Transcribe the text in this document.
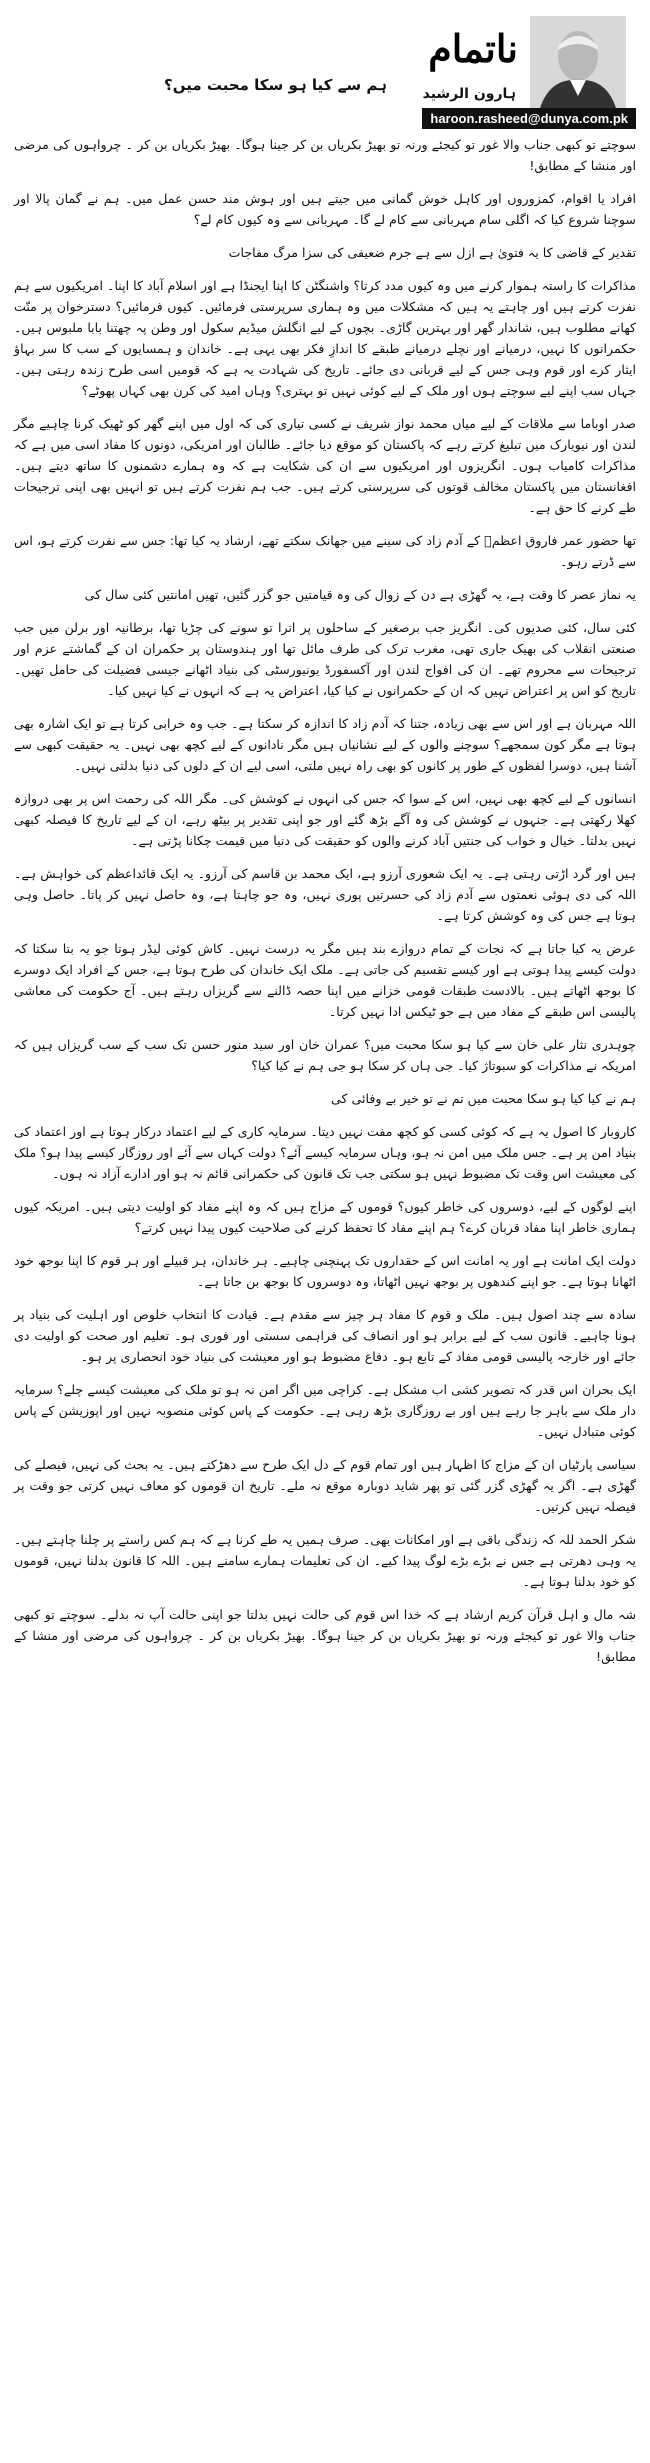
ناتمام
ہارون الرشید
ہم سے کیا ہو سکا محبت میں؟
haroon.rasheed@dunya.com.pk

سوچتے تو کبھی جناب والا غور تو کیجئے ورنہ تو بھیڑ بکریاں بن کر جینا ہوگا۔ بھیڑ بکریاں بن کر ۔ چرواہوں کی مرضی اور منشا کے مطابق!

افراد یا اقوام، کمزوروں اور کاہل خوش گمانی میں جیتے ہیں اور ہوش مند حسن عمل میں۔ ہم نے گمان پالا اور سوچنا شروع کیا کہ اگلی سام مہربانی سے کام لے گا۔ مہربانی سے وہ کیوں کام لے؟

تقدیر کے قاضی کا یہ فتویٰ ہے ازل سے ہے جرم ضعیفی کی سزا مرگ مفاجات

مذاکرات کا راستہ ہموار کرنے میں وہ کیوں مدد کرتا؟ واشنگٹن کا اپنا ایجنڈا ہے اور اسلام آباد کا اپنا۔ امریکیوں سے ہم نفرت کرتے ہیں اور چاہتے یہ ہیں کہ مشکلات میں وہ ہماری سرپرستی فرمائیں۔ کیوں فرمائیں؟ دسترخوان پر منّت کھانے مطلوب ہیں، شاندار گھر اور بہترین گاڑی۔ بچوں کے لیے انگلش میڈیم سکول اور وطن پہ چھتنا بابا ملبوس ہیں۔ حکمرانوں کا نہیں، درمیانے اور نچلے درمیانے طبقے کا اندازِ فکر بھی یہی ہے۔ خاندان و ہمسایوں کے سب کا سر بہاؤ ایثار کرے اور قوم وہی جس کے لیے قربانی دی جائے۔ تاریخ کی شہادت یہ ہے کہ قومیں اسی طرح زندہ رہتی ہیں۔ جہاں سب اپنے لیے سوچتے ہوں اور ملک کے لیے کوئی نہیں تو بہتری؟ وہاں امید کی کرن بھی کہاں پھوٹے؟

صدر اوباما سے ملاقات کے لیے میاں محمد نواز شریف نے کسی تیاری کی کہ اول میں اپنے گھر کو ٹھیک کرنا چاہیے مگر لندن اور نیویارک میں تبلیغ کرتے رہے کہ پاکستان کو موقع دیا جائے۔ طالبان اور امریکی، دونوں کا مفاد اسی میں ہے کہ مذاکرات کامیاب ہوں۔ انگریزوں اور امریکیوں سے ان کی شکایت ہے کہ وہ ہمارے دشمنوں کا ساتھ دیتے ہیں۔ افغانستان میں پاکستان مخالف قوتوں کی سرپرستی کرتے ہیں۔ جب ہم نفرت کرتے ہیں تو انہیں بھی اپنی ترجیحات طے کرنے کا حق ہے۔

تھا حضور عمر فاروق اعظمؓ کے آدم زاد کی سینے میں جھانک سکتے تھے، ارشاد یہ کیا تھا: جس سے نفرت کرتے ہو، اس سے ڈرتے رہو۔

یہ نماز عصر کا وقت ہے، یہ گھڑی ہے دن کے زوال کی وہ قیامتیں جو گزر گئیں، تھیں امانتیں کئی سال کی

کئی سال، کئی صدیوں کی۔ انگریز جب برصغیر کے ساحلوں پر اترا تو سونے کی چڑیا تھا، برطانیہ اور برلن میں جب صنعتی انقلاب کی بھیک جاری تھی، مغرب ترک کی طرف مائل تھا اور ہندوستان پر حکمران ان کے گماشتے عزم اور ترجیحات سے محروم تھے۔ ان کی افواج لندن اور آکسفورڈ یونیورسٹی کی بنیاد اٹھانے جیسی فضیلت کی حامل تھیں۔ تاریخ کو اس پر اعتراض نہیں کہ ان کے حکمرانوں نے کیا کیا، اعتراض یہ ہے کہ انہوں نے کیا نہیں کیا۔

اللہ مہربان ہے اور اس سے بھی زیادہ، جتنا کہ آدم زاد کا اندازہ کر سکتا ہے۔ جب وہ خرابی کرتا ہے تو ایک اشارہ بھی ہوتا ہے مگر کون سمجھے؟ سوچنے والوں کے لیے نشانیاں ہیں مگر نادانوں کے لیے کچھ بھی نہیں۔ یہ حقیقت کبھی سے آشنا ہیں، دوسرا لفظوں کے طور پر کانوں کو بھی راہ نہیں ملتی، اسی لیے ان کے دلوں کی دنیا بدلتی نہیں۔

انسانوں کے لیے کچھ بھی نہیں، اس کے سوا کہ جس کی انہوں نے کوشش کی۔ مگر اللہ کی رحمت اس پر بھی دروازہ کھلا رکھتی ہے۔ جنہوں نے کوشش کی وہ آگے بڑھ گئے اور جو اپنی تقدیر پر بیٹھ رہے، ان کے لیے تاریخ کا فیصلہ کبھی نہیں بدلتا۔ خیال و خواب کی جنتیں آباد کرنے والوں کو حقیقت کی دنیا میں قیمت چکانا پڑتی ہے۔

ہیں اور گرد اڑتی رہتی ہے۔ یہ ایک شعوری آرزو ہے، ایک محمد بن قاسم کی آرزو۔ یہ ایک قائداعظم کی خواہش ہے۔ اللہ کی دی ہوئی نعمتوں سے آدم زاد کی حسرتیں پوری نہیں، وہ جو چاہتا ہے، وہ حاصل نہیں کر پاتا۔ حاصل وہی ہوتا ہے جس کی وہ کوشش کرتا ہے۔

عرض یہ کیا جاتا ہے کہ نجات کے تمام دروازے بند ہیں مگر یہ درست نہیں۔ کاش کوئی لیڈر ہوتا جو یہ بتا سکتا کہ دولت کیسے پیدا ہوتی ہے اور کیسے تقسیم کی جاتی ہے۔ ملک ایک خاندان کی طرح ہوتا ہے، جس کے افراد ایک دوسرے کا بوجھ اٹھاتے ہیں۔ بالادست طبقات قومی خزانے میں اپنا حصہ ڈالنے سے گریزاں رہتے ہیں۔ آج حکومت کی معاشی پالیسی اس طبقے کے مفاد میں ہے جو ٹیکس ادا نہیں کرتا۔

چوہدری نثار علی خان سے کیا ہو سکا محبت میں؟ عمران خان اور سید منور حسن تک سب کے سب گریزاں ہیں کہ امریکہ نے مذاکرات کو سبوتاژ کیا۔ جی ہاں کر سکا ہو جی ہم نے کیا کیا؟

ہم نے کیا کیا ہو سکا محبت میں تم نے تو خیر بے وفائی کی

کاروبار کا اصول یہ ہے کہ کوئی کسی کو کچھ مفت نہیں دیتا۔ سرمایہ کاری کے لیے اعتماد درکار ہوتا ہے اور اعتماد کی بنیاد امن پر ہے۔ جس ملک میں امن نہ ہو، وہاں سرمایہ کیسے آئے؟ دولت کہاں سے آئے اور روزگار کیسے پیدا ہو؟ ملک کی معیشت اس وقت تک مضبوط نہیں ہو سکتی جب تک قانون کی حکمرانی قائم نہ ہو اور ادارے آزاد نہ ہوں۔

اپنے لوگوں کے لیے، دوسروں کی خاطر کیوں؟ قوموں کے مزاج ہیں کہ وہ اپنے مفاد کو اولیت دیتی ہیں۔ امریکہ کیوں ہماری خاطر اپنا مفاد قربان کرے؟ ہم اپنے مفاد کا تحفظ کرنے کی صلاحیت کیوں پیدا نہیں کرتے؟

دولت ایک امانت ہے اور یہ امانت اس کے حقداروں تک پہنچنی چاہیے۔ ہر خاندان، ہر قبیلے اور ہر قوم کا اپنا بوجھ خود اٹھانا ہوتا ہے۔ جو اپنے کندھوں پر بوجھ نہیں اٹھاتا، وہ دوسروں کا بوجھ بن جاتا ہے۔

سادہ سے چند اصول ہیں۔ ملک و قوم کا مفاد ہر چیز سے مقدم ہے۔ قیادت کا انتخاب خلوص اور اہلیت کی بنیاد پر ہونا چاہیے۔ قانون سب کے لیے برابر ہو اور انصاف کی فراہمی سستی اور فوری ہو۔ تعلیم اور صحت کو اولیت دی جائے اور خارجہ پالیسی قومی مفاد کے تابع ہو۔ دفاع مضبوط ہو اور معیشت کی بنیاد خود انحصاری پر ہو۔

ایک بحران اس قدر کہ تصویر کشی اب مشکل ہے۔ کراچی میں اگر امن نہ ہو تو ملک کی معیشت کیسے چلے؟ سرمایہ دار ملک سے باہر جا رہے ہیں اور بے روزگاری بڑھ رہی ہے۔ حکومت کے پاس کوئی منصوبہ نہیں اور اپوزیشن کے پاس کوئی متبادل نہیں۔

سیاسی پارٹیاں ان کے مزاج کا اظہار ہیں اور تمام قوم کے دل ایک طرح سے دھڑکتے ہیں۔ یہ بحث کی نہیں، فیصلے کی گھڑی ہے۔ اگر یہ گھڑی گزر گئی تو پھر شاید دوبارہ موقع نہ ملے۔ تاریخ ان قوموں کو معاف نہیں کرتی جو وقت پر فیصلہ نہیں کرتیں۔

شکر الحمد للہ کہ زندگی باقی ہے اور امکانات بھی۔ صرف ہمیں یہ طے کرنا ہے کہ ہم کس راستے پر چلنا چاہتے ہیں۔ یہ وہی دھرتی ہے جس نے بڑے بڑے لوگ پیدا کیے۔ ان کی تعلیمات ہمارے سامنے ہیں۔ اللہ کا قانون بدلنا نہیں، قوموں کو خود بدلنا ہوتا ہے۔

شہ مال و اہل قرآن کریم ارشاد ہے کہ خدا اس قوم کی حالت نہیں بدلتا جو اپنی حالت آپ نہ بدلے۔ سوچتے تو کبھی جناب والا غور تو کیجئے ورنہ تو بھیڑ بکریاں بن کر جینا ہوگا۔ بھیڑ بکریاں بن کر ۔ چرواہوں کی مرضی اور منشا کے مطابق!
